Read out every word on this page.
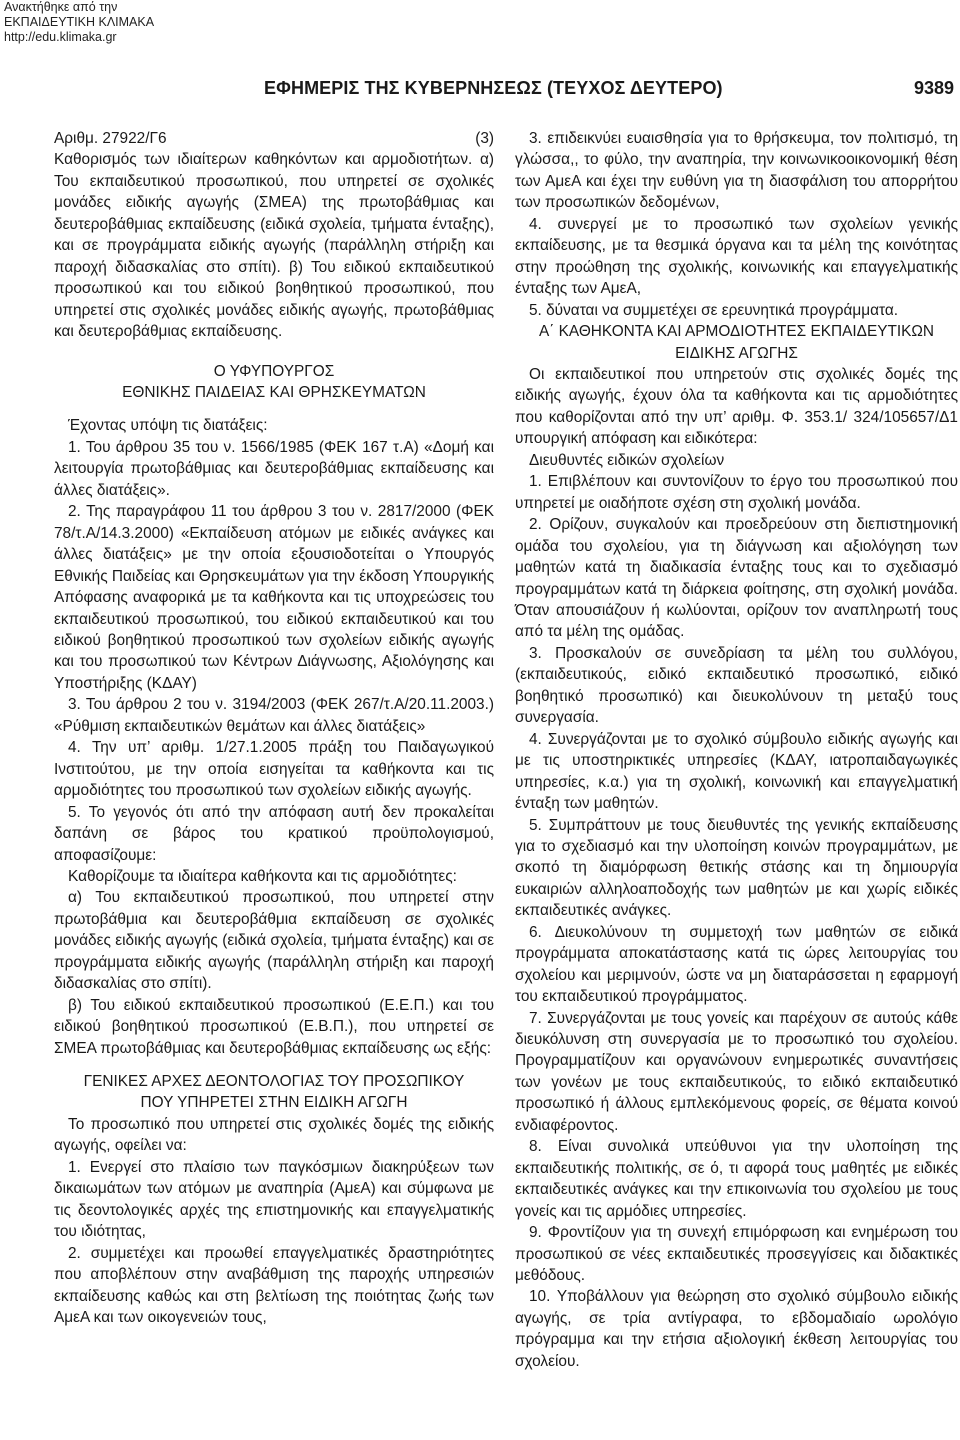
Ανακτήθηκε από την
ΕΚΠΑΙΔΕΥΤΙΚΗ ΚΛΙΜΑΚΑ
http://edu.klimaka.gr
ΕΦΗΜΕΡΙΣ ΤΗΣ ΚΥΒΕΡΝΗΣΕΩΣ (ΤΕΥΧΟΣ ΔΕΥΤΕΡΟ)	9389
Αριθμ. 27922/Γ6	(3)

Καθορισμός των ιδιαίτερων καθηκόντων και αρμοδιοτήτων. α) Του εκπαιδευτικού προσωπικού, που υπηρετεί σε σχολικές μονάδες ειδικής αγωγής (ΣΜΕΑ) της πρωτοβάθμιας και δευτεροβάθμιας εκπαίδευσης (ειδικά σχολεία, τμήματα ένταξης), και σε προγράμματα ειδικής αγωγής (παράλληλη στήριξη και παροχή διδασκαλίας στο σπίτι). β) Του ειδικού εκπαιδευτικού προσωπικού και του ειδικού βοηθητικού προσωπικού, που υπηρετεί στις σχολικές μονάδες ειδικής αγωγής, πρωτοβάθμιας και δευτεροβάθμιας εκπαίδευσης.

Ο ΥΦΥΠΟΥΡΓΟΣ

ΕΘΝΙΚΗΣ ΠΑΙΔΕΙΑΣ ΚΑΙ ΘΡΗΣΚΕΥΜΑΤΩΝ

Έχοντας υπόψη τις διατάξεις:

1. Του άρθρου 35 του ν. 1566/1985 (ΦΕΚ 167 τ.Α) «Δομή και λειτουργία πρωτοβάθμιας και δευτεροβάθμιας εκπαίδευσης και άλλες διατάξεις».

2. Της παραγράφου 11 του άρθρου 3 του ν. 2817/2000 (ΦΕΚ 78/τ.Α/14.3.2000) «Εκπαίδευση ατόμων με ειδικές ανάγκες και άλλες διατάξεις» με την οποία εξουσιοδοτείται ο Υπουργός Εθνικής Παιδείας και Θρησκευμάτων για την έκδοση Υπουργικής Απόφασης αναφορικά με τα καθήκοντα και τις υποχρεώσεις του εκπαιδευτικού προσωπικού, του ειδικού εκπαιδευτικού και του ειδικού βοηθητικού προσωπικού των σχολείων ειδικής αγωγής και του προσωπικού των Κέντρων Διάγνωσης, Αξιολόγησης και Υποστήριξης (ΚΔΑΥ)

3. Του άρθρου 2 του ν. 3194/2003 (ΦΕΚ 267/τ.Α/20.11.2003.) «Ρύθμιση εκπαιδευτικών θεμάτων και άλλες διατάξεις»

4. Την υπ’ αριθμ. 1/27.1.2005 πράξη του Παιδαγωγικού Ινστιτούτου, με την οποία εισηγείται τα καθήκοντα και τις αρμοδιότητες του προσωπικού των σχολείων ειδικής αγωγής.

5. Το γεγονός ότι από την απόφαση αυτή δεν προκαλείται δαπάνη σε βάρος του κρατικού προϋπολογισμού, αποφασίζουμε:

Καθορίζουμε τα ιδιαίτερα καθήκοντα και τις αρμοδιότητες:

α) Του εκπαιδευτικού προσωπικού, που υπηρετεί στην πρωτοβάθμια και δευτεροβάθμια εκπαίδευση σε σχολικές μονάδες ειδικής αγωγής (ειδικά σχολεία, τμήματα ένταξης) και σε προγράμματα ειδικής αγωγής (παράλληλη στήριξη και παροχή διδασκαλίας στο σπίτι).

β) Του ειδικού εκπαιδευτικού προσωπικού (Ε.Ε.Π.) και του ειδικού βοηθητικού προσωπικού (Ε.Β.Π.), που υπηρετεί σε ΣΜΕΑ πρωτοβάθμιας και δευτεροβάθμιας εκπαίδευσης ως εξής:

ΓΕΝΙΚΕΣ ΑΡΧΕΣ ΔΕΟΝΤΟΛΟΓΙΑΣ ΤΟΥ ΠΡΟΣΩΠΙΚΟΥ

ΠΟΥ ΥΠΗΡΕΤΕΙ ΣΤΗΝ ΕΙΔΙΚΗ ΑΓΩΓΗ

Το προσωπικό που υπηρετεί στις σχολικές δομές της ειδικής αγωγής, οφείλει να:

1. Ενεργεί στο πλαίσιο των παγκόσμιων διακηρύξεων των δικαιωμάτων των ατόμων με αναπηρία (ΑμεΑ) και σύμφωνα με τις δεοντολογικές αρχές της επιστημονικής και επαγγελματικής του ιδιότητας,

2. συμμετέχει και προωθεί επαγγελματικές δραστηριότητες που αποβλέπουν στην αναβάθμιση της παροχής υπηρεσιών εκπαίδευσης καθώς και στη βελτίωση της ποιότητας ζωής των ΑμεΑ και των οικογενειών τους,

3. επιδεικνύει ευαισθησία για το θρήσκευμα, τον πολιτισμό, τη γλώσσα,, το φύλο, την αναπηρία, την κοινωνικοοικονομική θέση των ΑμεΑ και έχει την ευθύνη για τη διασφάλιση του απορρήτου των προσωπικών δεδομένων,

4. συνεργεί με το προσωπικό των σχολείων γενικής εκπαίδευσης, με τα θεσμικά όργανα και τα μέλη της κοινότητας στην προώθηση της σχολικής, κοινωνικής και επαγγελματικής ένταξης των ΑμεΑ,

5. δύναται να συμμετέχει σε ερευνητικά προγράμματα.

Α΄ ΚΑΘΗΚΟΝΤΑ ΚΑΙ ΑΡΜΟΔΙΟΤΗΤΕΣ ΕΚΠΑΙΔΕΥΤΙΚΩΝ

ΕΙΔΙΚΗΣ ΑΓΩΓΗΣ

Οι εκπαιδευτικοί που υπηρετούν στις σχολικές δομές της ειδικής αγωγής, έχουν όλα τα καθήκοντα και τις αρμοδιότητες που καθορίζονται από την υπ’ αριθμ. Φ. 353.1/ 324/105657/Δ1 υπουργική απόφαση και ειδικότερα:

Διευθυντές ειδικών σχολείων

1. Επιβλέπουν και συντονίζουν το έργο του προσωπικού που υπηρετεί με οιαδήποτε σχέση στη σχολική μονάδα.

2. Ορίζουν, συγκαλούν και προεδρεύουν στη διεπιστημονική ομάδα του σχολείου, για τη διάγνωση και αξιολόγηση των μαθητών κατά τη διαδικασία ένταξης τους και το σχεδιασμό προγραμμάτων κατά τη διάρκεια φοίτησης, στη σχολική μονάδα. Όταν απουσιάζουν ή κωλύονται, ορίζουν τον αναπληρωτή τους από τα μέλη της ομάδας.

3. Προσκαλούν σε συνεδρίαση τα μέλη του συλλόγου, (εκπαιδευτικούς, ειδικό εκπαιδευτικό προσωπικό, ειδικό βοηθητικό προσωπικό) και διευκολύνουν τη μεταξύ τους συνεργασία.

4. Συνεργάζονται με το σχολικό σύμβουλο ειδικής αγωγής και με τις υποστηρικτικές υπηρεσίες (ΚΔΑΥ, ιατροπαιδαγωγικές υπηρεσίες, κ.α.) για τη σχολική, κοινωνική και επαγγελματική ένταξη των μαθητών.

5. Συμπράττουν με τους διευθυντές της γενικής εκπαίδευσης για το σχεδιασμό και την υλοποίηση κοινών προγραμμάτων, με σκοπό τη διαμόρφωση θετικής στάσης και τη δημιουργία ευκαιριών αλληλοαποδοχής των μαθητών με και χωρίς ειδικές εκπαιδευτικές ανάγκες.

6. Διευκολύνουν τη συμμετοχή των μαθητών σε ειδικά προγράμματα αποκατάστασης κατά τις ώρες λειτουργίας του σχολείου και μεριμνούν, ώστε να μη διαταράσσεται η εφαρμογή του εκπαιδευτικού προγράμματος.

7. Συνεργάζονται με τους γονείς και παρέχουν σε αυτούς κάθε διευκόλυνση στη συνεργασία με το προσωπικό του σχολείου. Προγραμματίζουν και οργανώνουν ενημερωτικές συναντήσεις των γονέων με τους εκπαιδευτικούς, το ειδικό εκπαιδευτικό προσωπικό ή άλλους εμπλεκόμενους φορείς, σε θέματα κοινού ενδιαφέροντος.

8. Είναι συνολικά υπεύθυνοι για την υλοποίηση της εκπαιδευτικής πολιτικής, σε ό, τι αφορά τους μαθητές με ειδικές εκπαιδευτικές ανάγκες και την επικοινωνία του σχολείου με τους γονείς και τις αρμόδιες υπηρεσίες.

9. Φροντίζουν για τη συνεχή επιμόρφωση και ενημέρωση του προσωπικού σε νέες εκπαιδευτικές προσεγγίσεις και διδακτικές μεθόδους.

10. Υποβάλλουν για θεώρηση στο σχολικό σύμβουλο ειδικής αγωγής, σε τρία αντίγραφα, το εβδομαδιαίο ωρολόγιο πρόγραμμα και την ετήσια αξιολογική έκθεση λειτουργίας του σχολείου.
